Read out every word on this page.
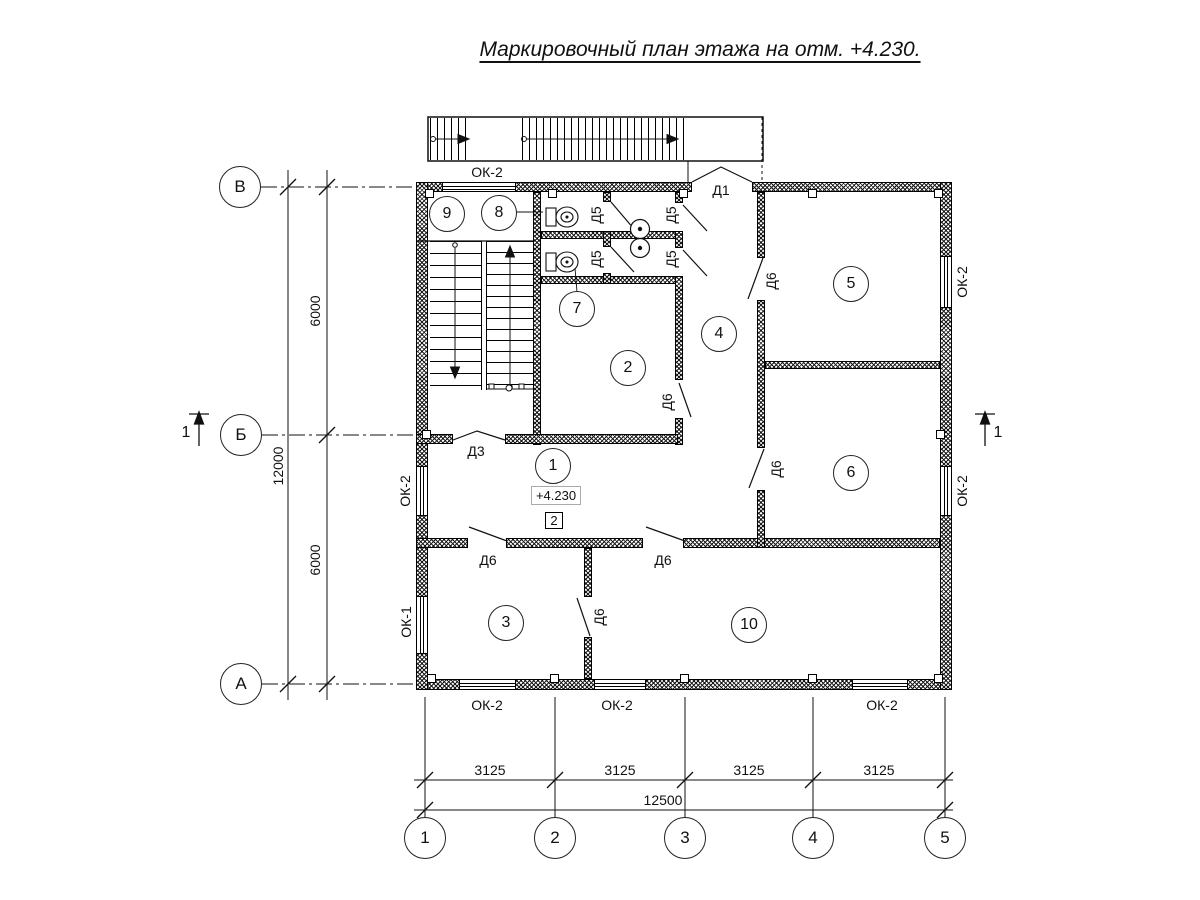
Маркировочный план этажа на отм. +4.230.
1
2
3
4
5
6
7
8
9
10
+4.230
2
Д1
Д3
Д5	Д5
Д5	Д5
Д6
Д6
Д6
Д6
Д6	Д6
ОК-2
ОК-2	ОК-2	ОК-2
ОК-2
ОК-1
ОК-2
ОК-2
3125	3125	3125	3125
12500
6000
6000
12000
В
Б
А
1	2	3	4	5
1	1
